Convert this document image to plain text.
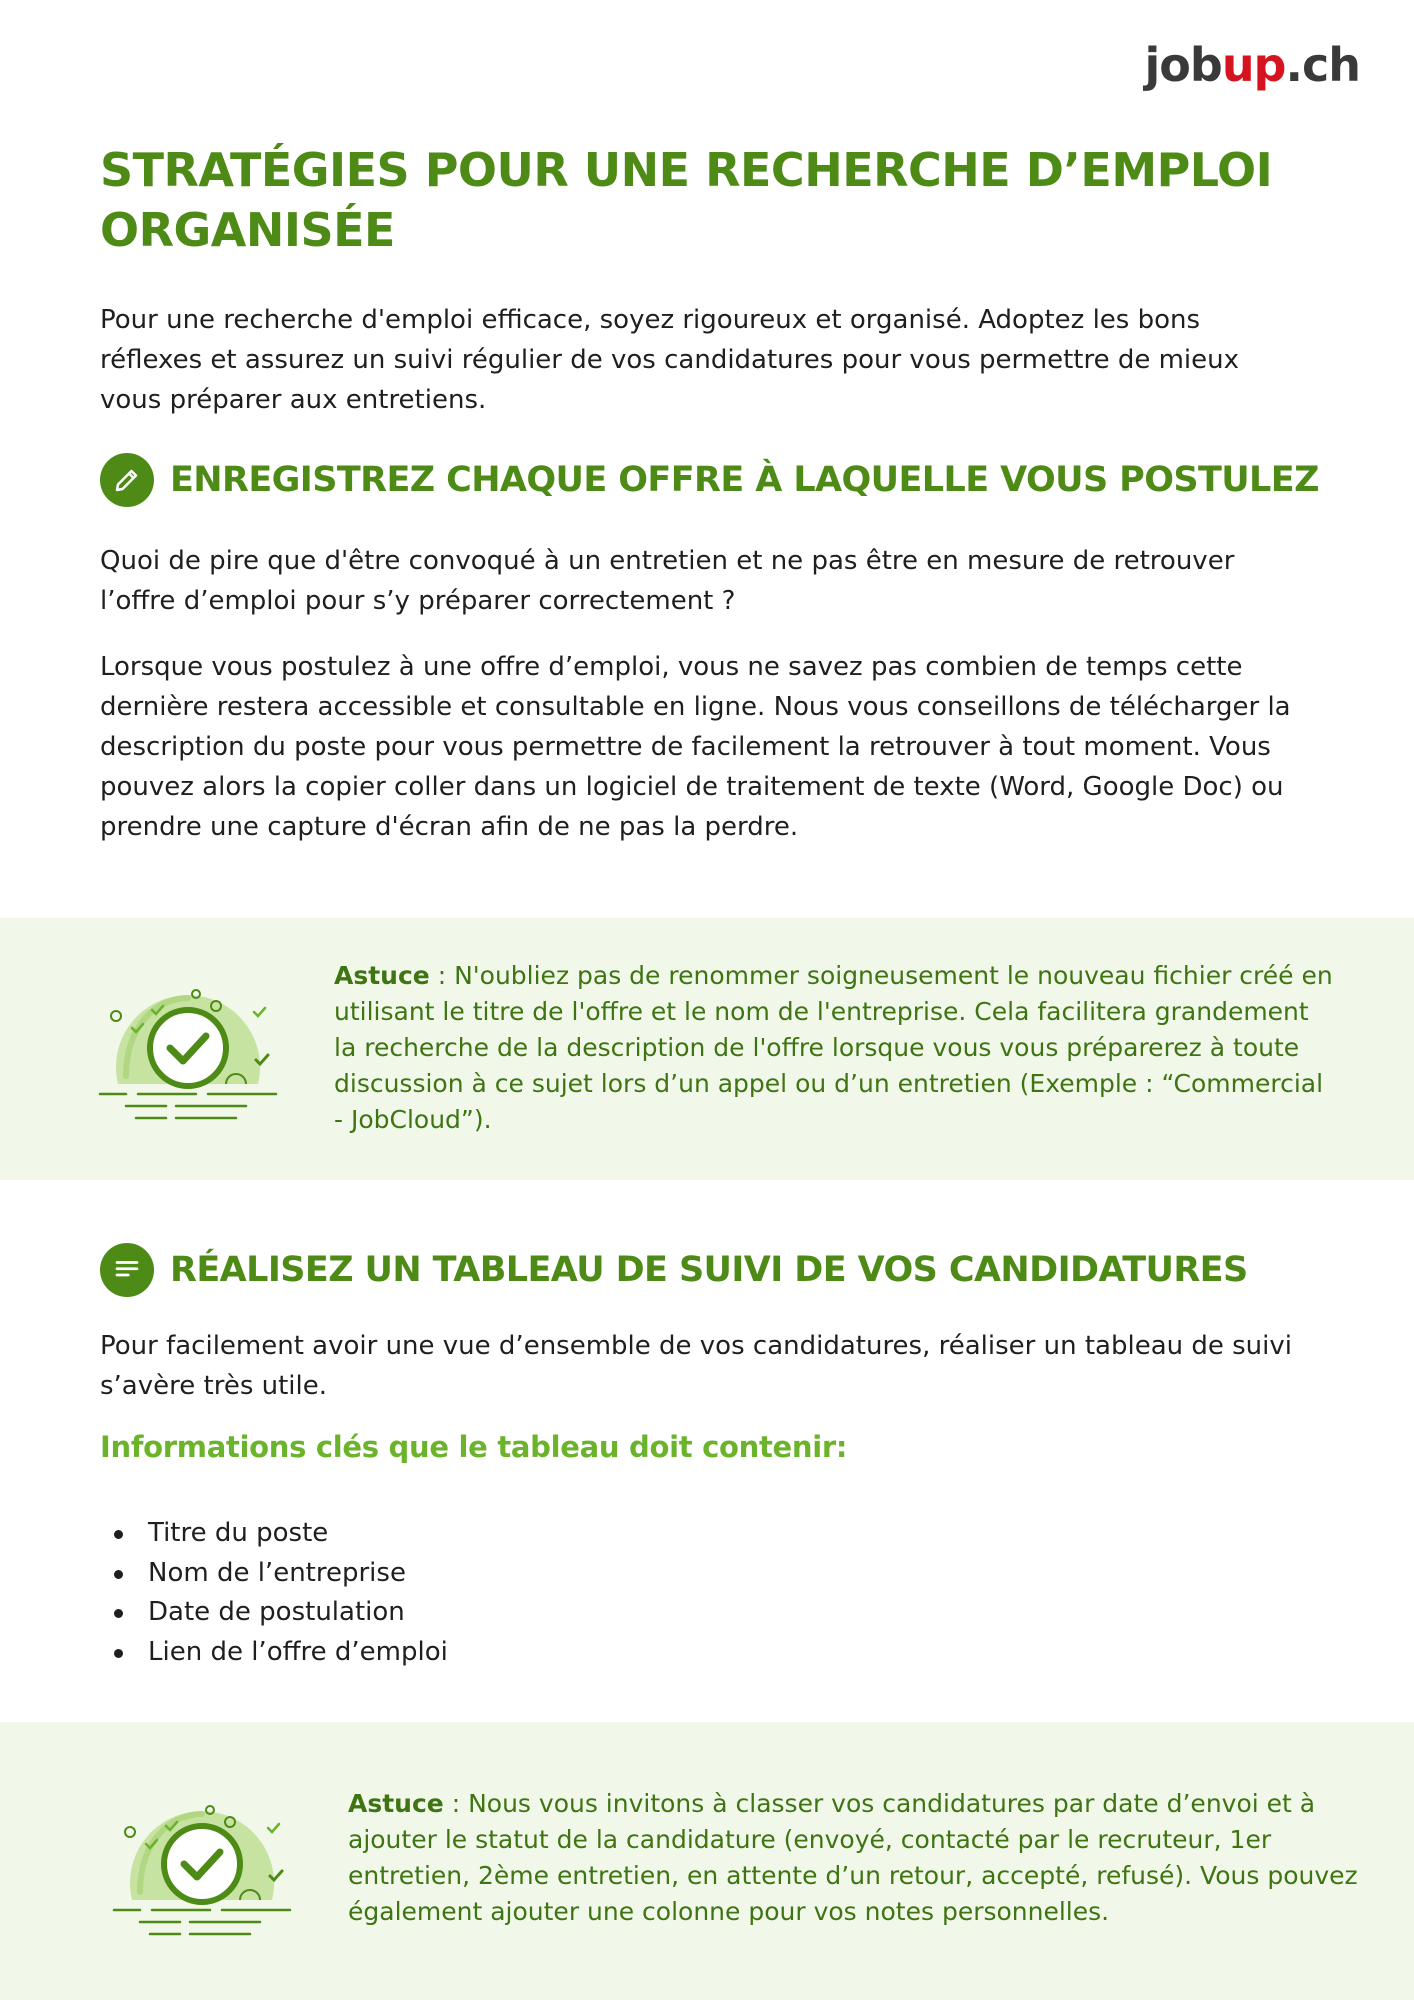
jobup.ch
STRATÉGIES POUR UNE RECHERCHE D’EMPLOI ORGANISÉE

Pour une recherche d'emploi efficace, soyez rigoureux et organisé. Adoptez les bons réflexes et assurez un suivi régulier de vos candidatures pour vous permettre de mieux vous préparer aux entretiens.

ENREGISTREZ CHAQUE OFFRE À LAQUELLE VOUS POSTULEZ

Quoi de pire que d'être convoqué à un entretien et ne pas être en mesure de retrouver l’offre d’emploi pour s’y préparer correctement ?

Lorsque vous postulez à une offre d’emploi, vous ne savez pas combien de temps cette dernière restera accessible et consultable en ligne. Nous vous conseillons de télécharger la description du poste pour vous permettre de facilement la retrouver à tout moment. Vous pouvez alors la copier coller dans un logiciel de traitement de texte (Word, Google Doc) ou prendre une capture d'écran afin de ne pas la perdre.

Astuce : N'oubliez pas de renommer soigneusement le nouveau fichier créé en utilisant le titre de l'offre et le nom de l'entreprise. Cela facilitera grandement la recherche de la description de l'offre lorsque vous vous préparerez à toute discussion à ce sujet lors d’un appel ou d’un entretien (Exemple : “Commercial - JobCloud”).

RÉALISEZ UN TABLEAU DE SUIVI DE VOS CANDIDATURES

Pour facilement avoir une vue d’ensemble de vos candidatures, réaliser un tableau de suivi s’avère très utile.

Informations clés que le tableau doit contenir:
Titre du poste
Nom de l’entreprise
Date de postulation
Lien de l’offre d’emploi

Astuce : Nous vous invitons à classer vos candidatures par date d’envoi et à ajouter le statut de la candidature (envoyé, contacté par le recruteur, 1er entretien, 2ème entretien, en attente d’un retour, accepté, refusé). Vous pouvez également ajouter une colonne pour vos notes personnelles.
